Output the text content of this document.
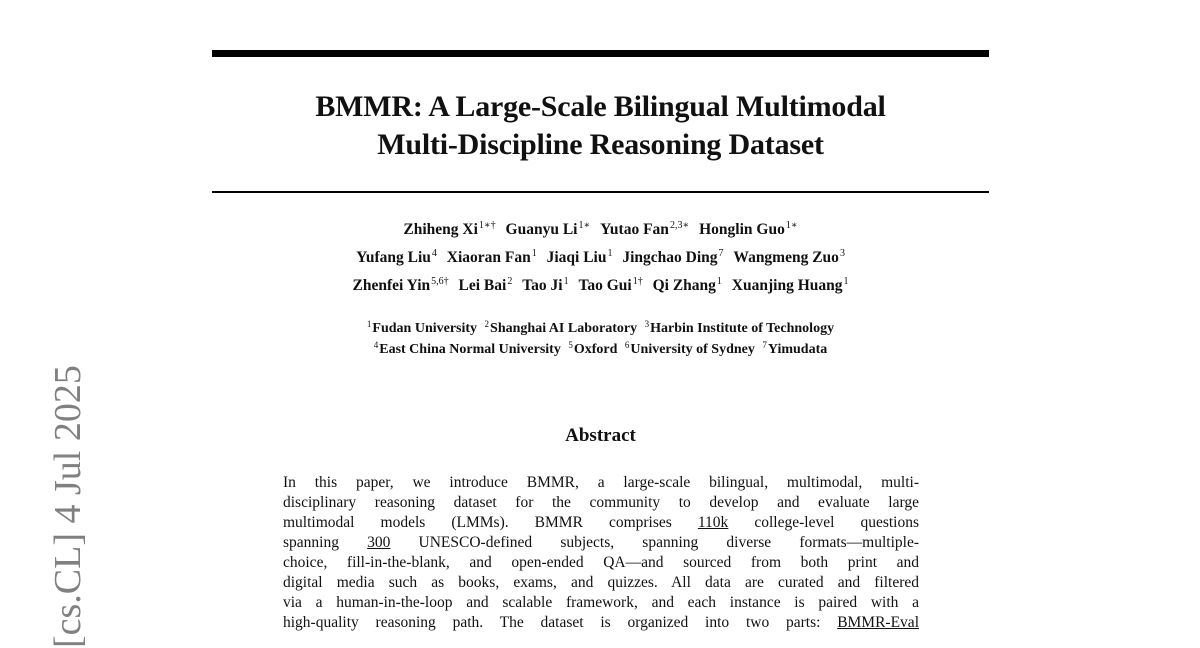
BMMR: A Large-Scale Bilingual Multimodal
Multi-Discipline Reasoning Dataset
Zhiheng $Xi^{1∗\dagger}$ Guanyu $Li^{1∗}$ Yutao Fan$^{2,3∗}$ Honglin Guo$^{1∗}$
Yufang Liu$^4$ Xiaoran Fan$^1$ Jiaqi Liu$^1$ Jingchao Ding$^7$ Wangmeng Zuo$^3$
Zhenfei Yin$^{5,6\dagger}$ Lei Bai$^2$ Tao Ji$^1$ Tao Gui$^{1\dagger}$ Qi Zhang$^1$ Xuanjing Huang$^1$
$^1$Fudan University $^2$Shanghai AI Laboratory $^3$Harbin Institute of Technology
$^4$East China Normal University $^5$Oxford $^6$University of Sydney $^7$Yimudata
Abstract
In this paper, we introduce BMMR, a large-scale bilingual, multimodal, multi-
disciplinary reasoning dataset for the community to develop and evaluate large
multimodal models (LMMs). BMMR comprises 110k college-level questions
spanning 300 UNESCO-defined subjects, spanning diverse formats—multiple-
choice, fill-in-the-blank, and open-ended QA—and sourced from both print and
digital media such as books, exams, and quizzes. All data are curated and filtered
via a human-in-the-loop and scalable framework, and each instance is paired with a
high-quality reasoning path. The dataset is organized into two parts: BMMR-Eval
[cs.CL] 4 Jul 2025
